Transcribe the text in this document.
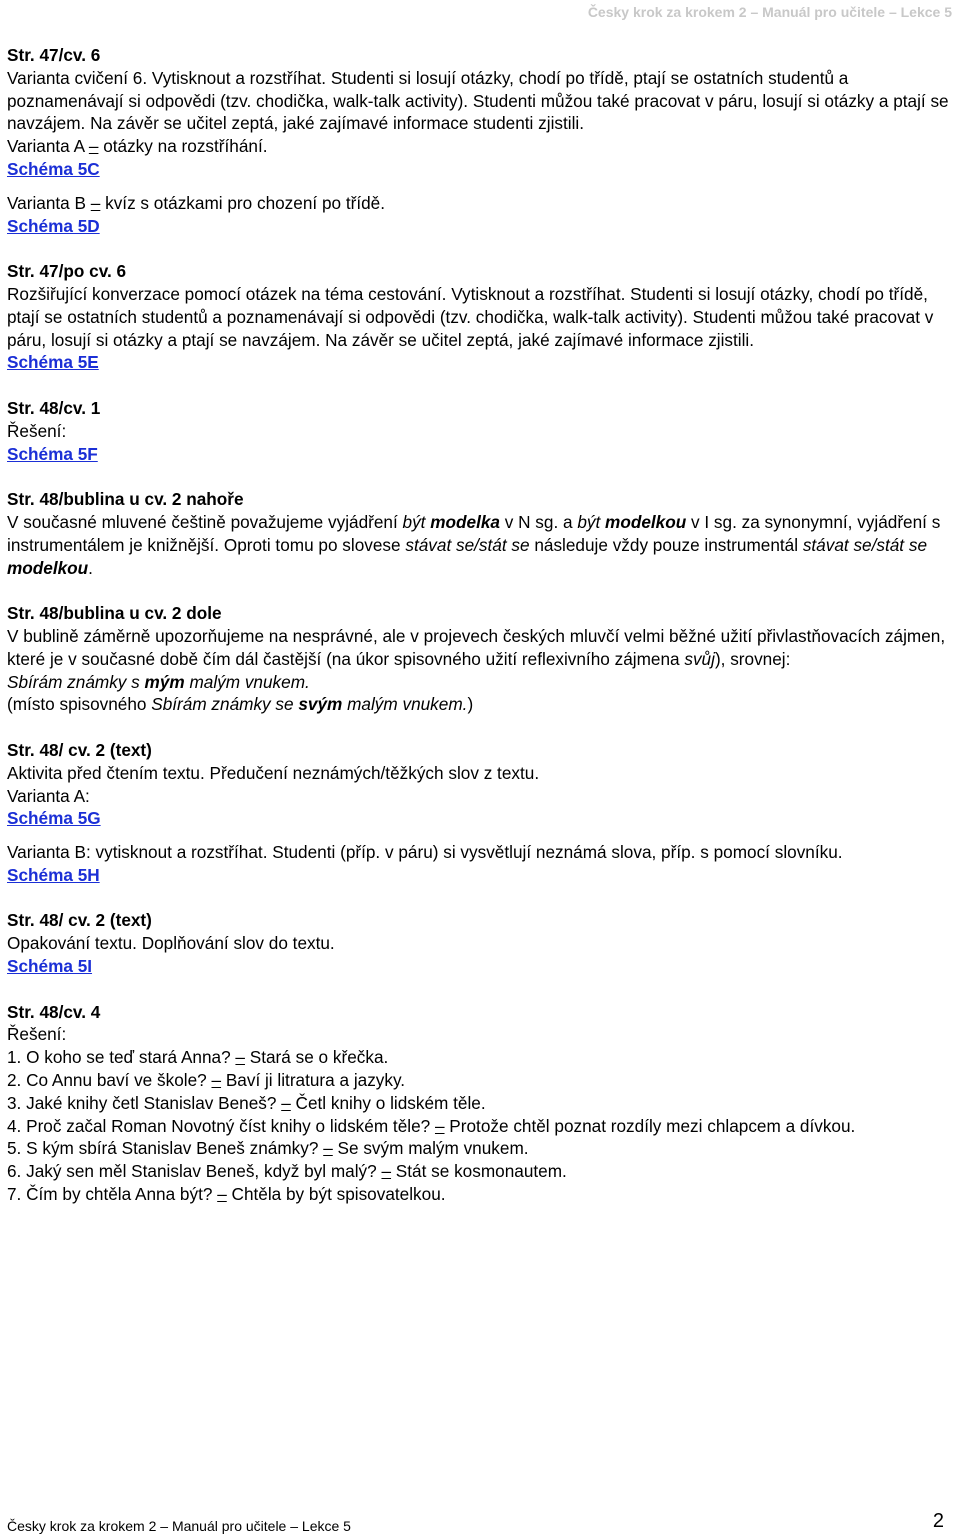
Česky krok za krokem 2 – Manuál pro učitele – Lekce 5

Str. 47/cv. 6

Varianta cvičení 6. Vytisknout a rozstříhat. Studenti si losují otázky, chodí po třídě, ptají se ostatních studentů a poznamenávají si odpovědi (tzv. chodička, walk-talk activity). Studenti můžou také pracovat v páru, losují si otázky a ptají se navzájem. Na závěr se učitel zeptá, jaké zajímavé informace studenti zjistili.

Varianta A – otázky na rozstříhání.

Schéma 5C

Varianta B – kvíz s otázkami pro chození po třídě.

Schéma 5D

Str. 47/po cv. 6

Rozšiřující konverzace pomocí otázek na téma cestování. Vytisknout a rozstříhat. Studenti si losují otázky, chodí po třídě, ptají se ostatních studentů a poznamenávají si odpovědi (tzv. chodička, walk-talk activity). Studenti můžou také pracovat v páru, losují si otázky a ptají se navzájem. Na závěr se učitel zeptá, jaké zajímavé informace zjistili.

Schéma 5E

Str. 48/cv. 1

Řešení:

Schéma 5F

Str. 48/bublina u cv. 2 nahoře

V současné mluvené češtině považujeme vyjádření být modelka v N sg. a být modelkou v I sg. za synonymní, vyjádření s instrumentálem je knižnější. Oproti tomu po slovese stávat se/stát se následuje vždy pouze instrumentál stávat se/stát se modelkou.

Str. 48/bublina u cv. 2 dole

V bublině záměrně upozorňujeme na nesprávné, ale v projevech českých mluvčí velmi běžné užití přivlastňovacích zájmen, které je v současné době čím dál častější (na úkor spisovného užití reflexivního zájmena svůj), srovnej:

Sbírám známky s mým malým vnukem.

(místo spisovného Sbírám známky se svým malým vnukem.)

Str. 48/ cv. 2 (text)

Aktivita před čtením textu. Předučení neznámých/těžkých slov z textu.

Varianta A:

Schéma 5G

Varianta B: vytisknout a rozstříhat. Studenti (příp. v páru) si vysvětlují neznámá slova, příp. s pomocí slovníku.

Schéma 5H

Str. 48/ cv. 2 (text)

Opakování textu. Doplňování slov do textu.

Schéma 5I

Str. 48/cv. 4

Řešení:

1. O koho se teď stará Anna? – Stará se o křečka.

2. Co Annu baví ve škole? – Baví ji litratura a jazyky.

3. Jaké knihy četl Stanislav Beneš? – Četl knihy o lidském těle.

4. Proč začal Roman Novotný číst knihy o lidském těle? – Protože chtěl poznat rozdíly mezi chlapcem a dívkou.

5. S kým sbírá Stanislav Beneš známky? – Se svým malým vnukem.

6. Jaký sen měl Stanislav Beneš, když byl malý? – Stát se kosmonautem.

7. Čím by chtěla Anna být? – Chtěla by být spisovatelkou.

Česky krok za krokem 2 – Manuál pro učitele – Lekce 5	2
